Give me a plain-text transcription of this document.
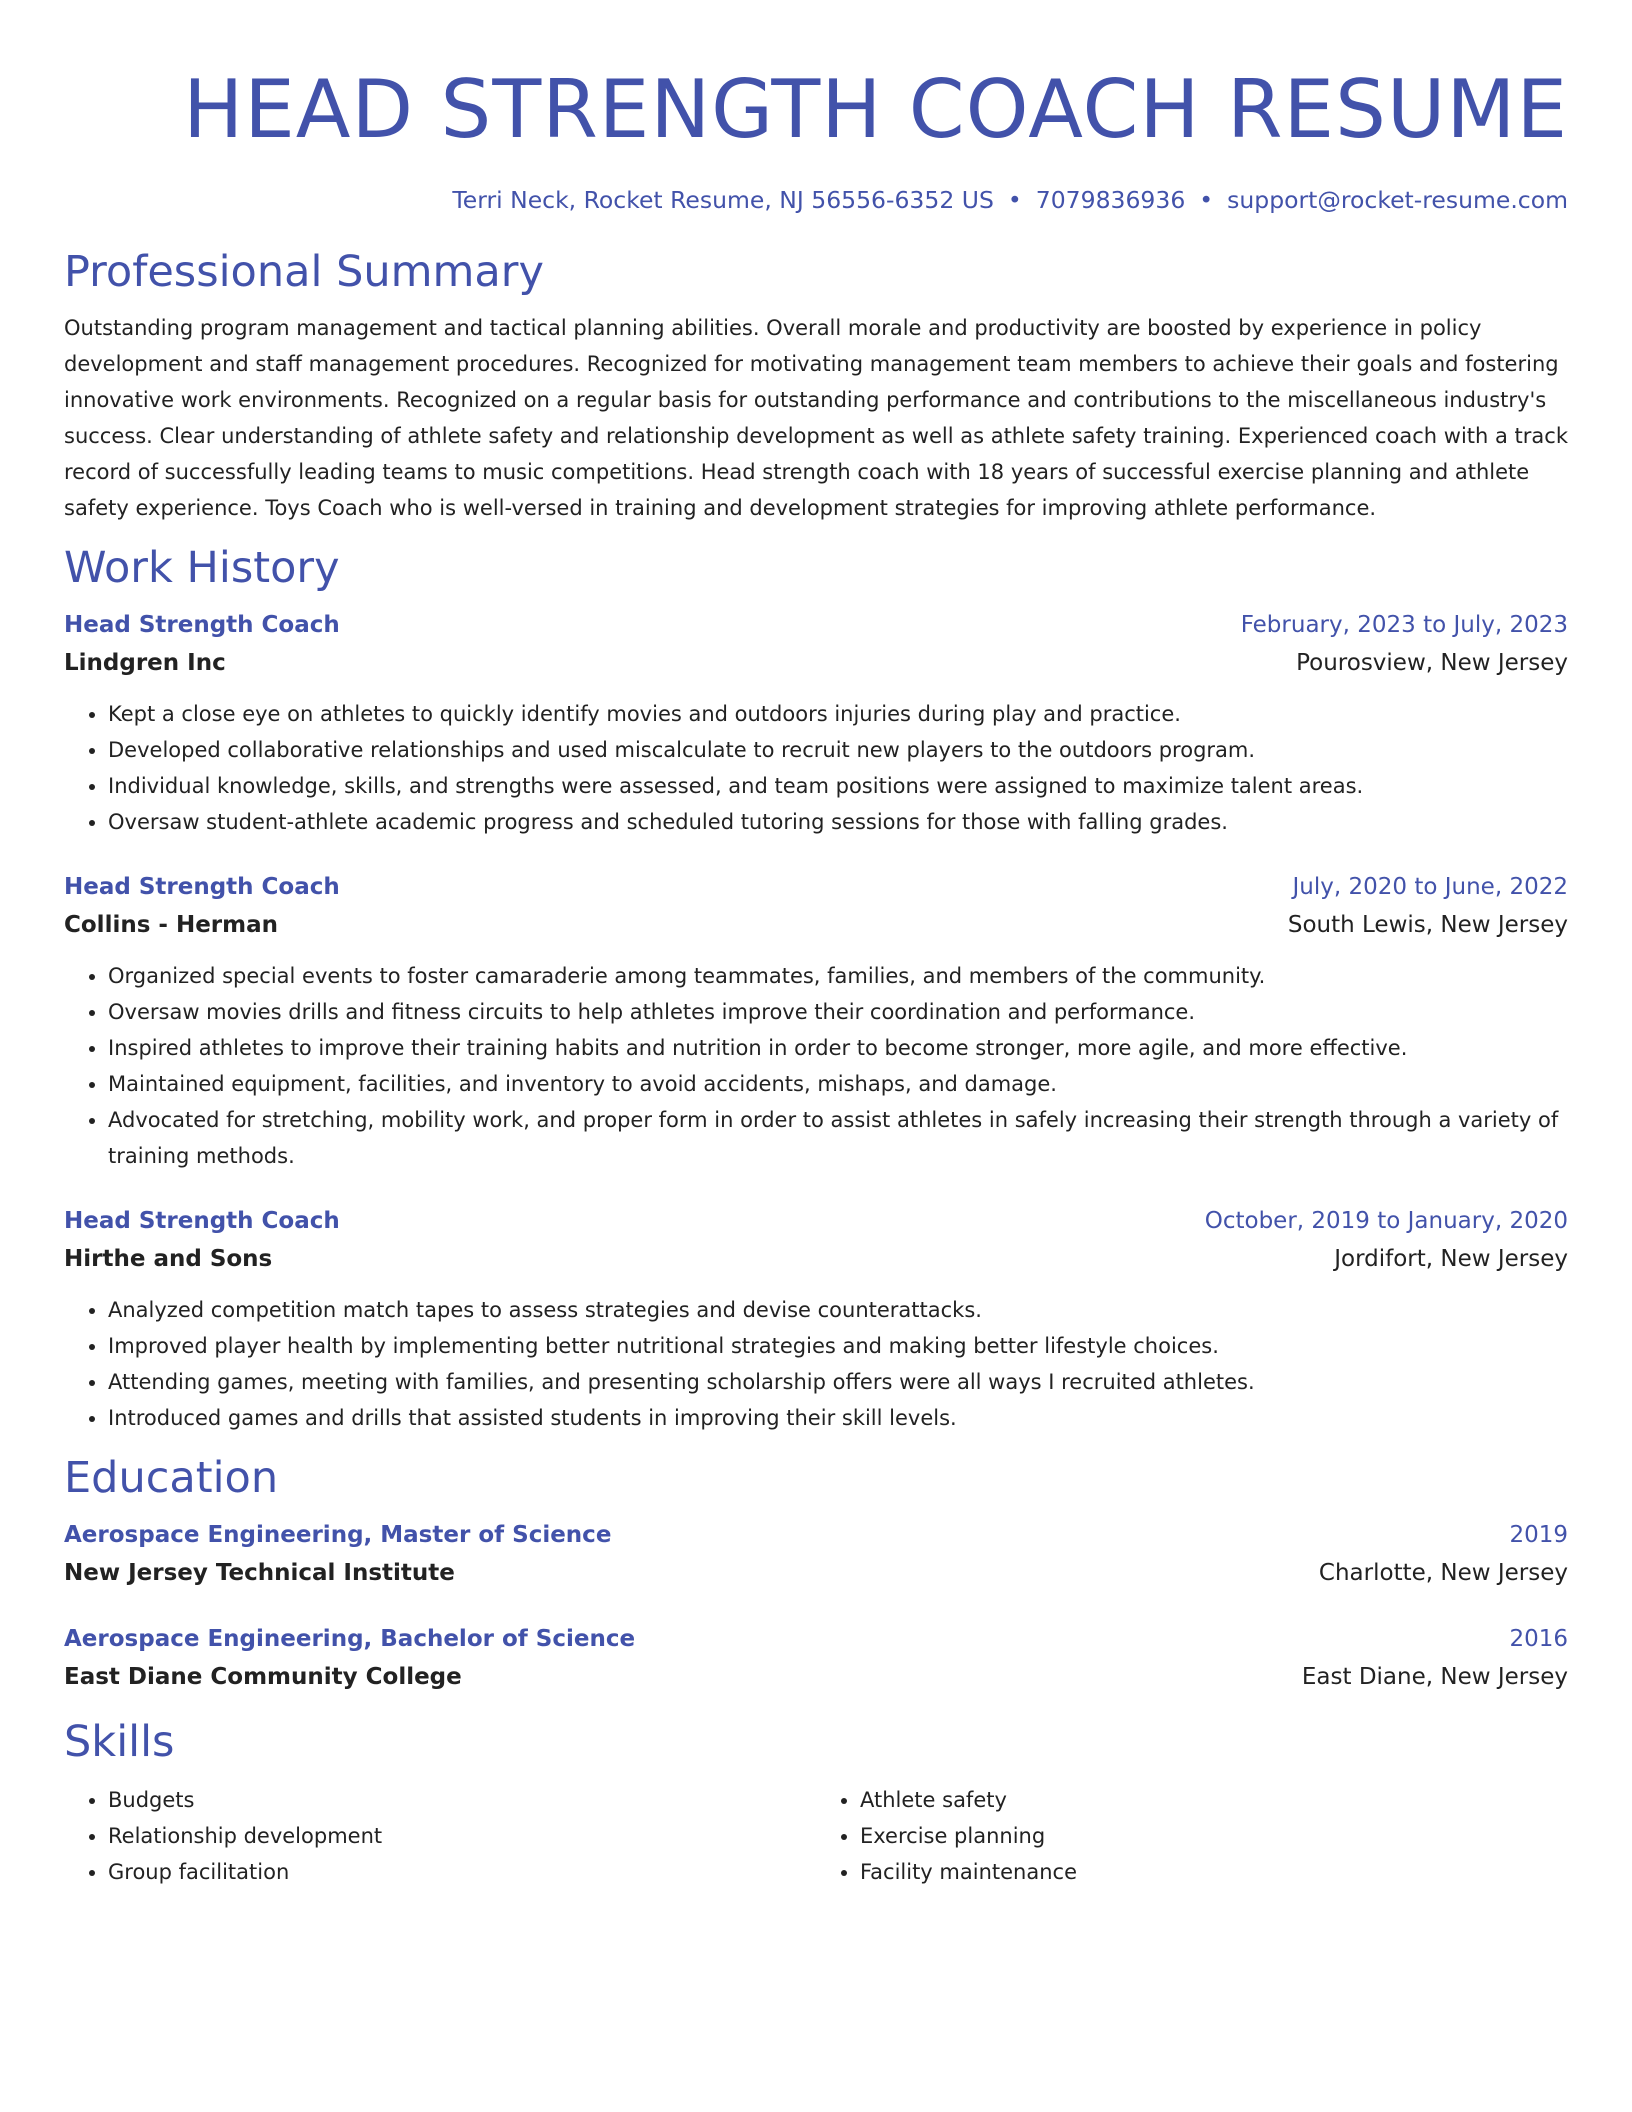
HEAD STRENGTH COACH RESUME
Terri Neck, Rocket Resume, NJ 56556-6352 US • 7079836936 • support@rocket-resume.com
Professional Summary

Outstanding program management and tactical planning abilities. Overall morale and productivity are boosted by experience in policy development and staff management procedures. Recognized for motivating management team members to achieve their goals and fostering innovative work environments. Recognized on a regular basis for outstanding performance and contributions to the miscellaneous industry's success. Clear understanding of athlete safety and relationship development as well as athlete safety training. Experienced coach with a track record of successfully leading teams to music competitions. Head strength coach with 18 years of successful exercise planning and athlete safety experience. Toys Coach who is well-versed in training and development strategies for improving athlete performance.

Work History
Head Strength Coach	February, 2023 to July, 2023
Lindgren Inc	Pourosview, New Jersey
• Kept a close eye on athletes to quickly identify movies and outdoors injuries during play and practice.
• Developed collaborative relationships and used miscalculate to recruit new players to the outdoors program.
• Individual knowledge, skills, and strengths were assessed, and team positions were assigned to maximize talent areas.
• Oversaw student-athlete academic progress and scheduled tutoring sessions for those with falling grades.
Head Strength Coach	July, 2020 to June, 2022
Collins - Herman	South Lewis, New Jersey
• Organized special events to foster camaraderie among teammates, families, and members of the community.
• Oversaw movies drills and fitness circuits to help athletes improve their coordination and performance.
• Inspired athletes to improve their training habits and nutrition in order to become stronger, more agile, and more effective.
• Maintained equipment, facilities, and inventory to avoid accidents, mishaps, and damage.
• Advocated for stretching, mobility work, and proper form in order to assist athletes in safely increasing their strength through a variety of training methods.
Head Strength Coach	October, 2019 to January, 2020
Hirthe and Sons	Jordifort, New Jersey
• Analyzed competition match tapes to assess strategies and devise counterattacks.
• Improved player health by implementing better nutritional strategies and making better lifestyle choices.
• Attending games, meeting with families, and presenting scholarship offers were all ways I recruited athletes.
• Introduced games and drills that assisted students in improving their skill levels.
Education
Aerospace Engineering, Master of Science	2019
New Jersey Technical Institute	Charlotte, New Jersey
Aerospace Engineering, Bachelor of Science	2016
East Diane Community College	East Diane, New Jersey
Skills
• Budgets
• Relationship development
• Group facilitation
• Athlete safety
• Exercise planning
• Facility maintenance
